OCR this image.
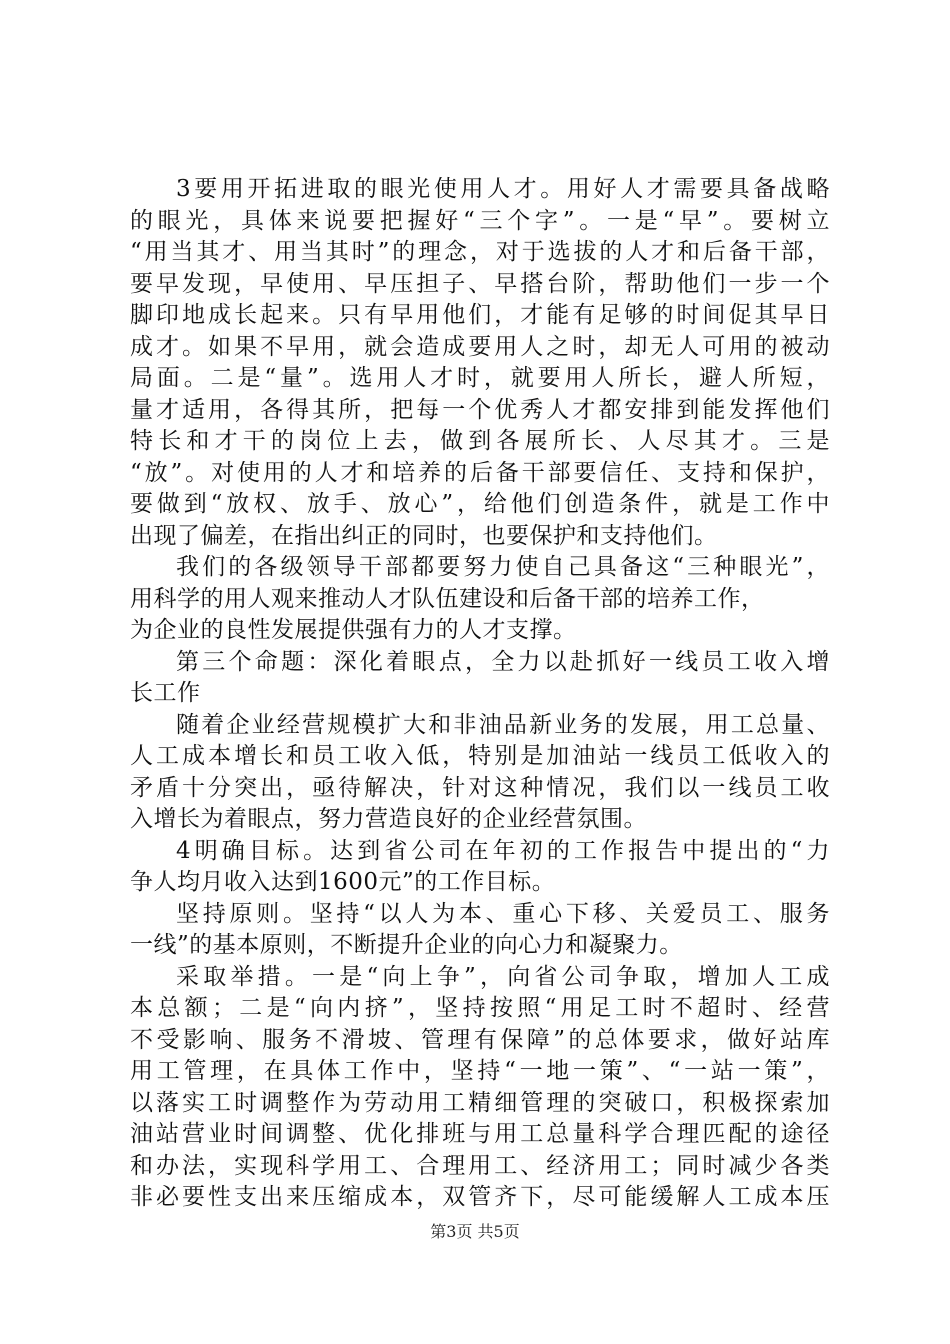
3要用开拓进取的眼光使用人才。用好人才需要具备战略
的眼光，具体来说要把握好“三个字”。一是“早”。要树立
“用当其才、用当其时”的理念，对于选拔的人才和后备干部，
要早发现，早使用、早压担子、早搭台阶，帮助他们一步一个
脚印地成长起来。只有早用他们，才能有足够的时间促其早日
成才。如果不早用，就会造成要用人之时，却无人可用的被动
局面。二是“量”。选用人才时，就要用人所长，避人所短，
量才适用，各得其所，把每一个优秀人才都安排到能发挥他们
特长和才干的岗位上去，做到各展所长、人尽其才。三是
“放”。对使用的人才和培养的后备干部要信任、支持和保护，
要做到“放权、放手、放心”，给他们创造条件，就是工作中
出现了偏差，在指出纠正的同时，也要保护和支持他们。
我们的各级领导干部都要努力使自己具备这“三种眼光”，
用科学的用人观来推动人才队伍建设和后备干部的培养工作，
为企业的良性发展提供强有力的人才支撑。
第三个命题：深化着眼点，全力以赴抓好一线员工收入增
长工作
随着企业经营规模扩大和非油品新业务的发展，用工总量、
人工成本增长和员工收入低，特别是加油站一线员工低收入的
矛盾十分突出，亟待解决，针对这种情况，我们以一线员工收
入增长为着眼点，努力营造良好的企业经营氛围。
4明确目标。达到省公司在年初的工作报告中提出的“力
争人均月收入达到1600元”的工作目标。
坚持原则。坚持“以人为本、重心下移、关爱员工、服务
一线”的基本原则，不断提升企业的向心力和凝聚力。
采取举措。一是“向上争”，向省公司争取，增加人工成
本总额；二是“向内挤”，坚持按照“用足工时不超时、经营
不受影响、服务不滑坡、管理有保障”的总体要求，做好站库
用工管理，在具体工作中，坚持“一地一策”、“一站一策”，
以落实工时调整作为劳动用工精细管理的突破口，积极探索加
油站营业时间调整、优化排班与用工总量科学合理匹配的途径
和办法，实现科学用工、合理用工、经济用工；同时减少各类
非必要性支出来压缩成本，双管齐下，尽可能缓解人工成本压
第3页 共5页
